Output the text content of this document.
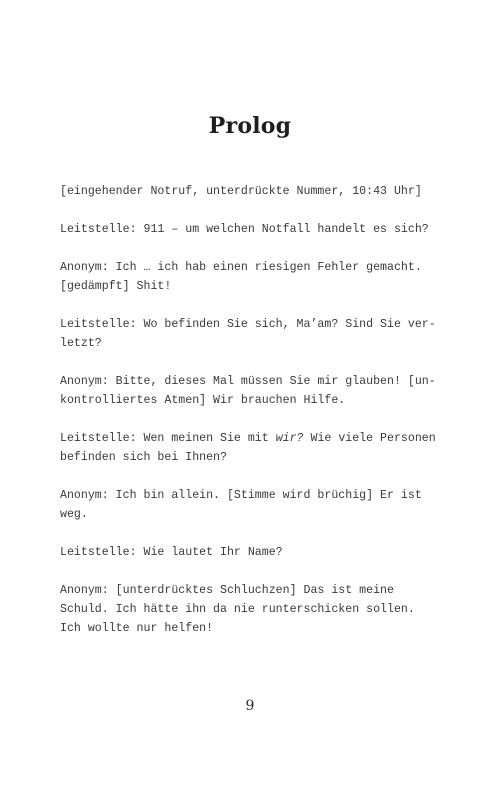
Prolog

[eingehender Notruf, unterdrückte Nummer, 10:43 Uhr]

Leitstelle: 911 – um welchen Notfall handelt es sich?

Anonym: Ich … ich hab einen riesigen Fehler gemacht.
[gedämpft] Shit!

Leitstelle: Wo befinden Sie sich, Ma’am? Sind Sie ver-
letzt?

Anonym: Bitte, dieses Mal müssen Sie mir glauben! [un-
kontrolliertes Atmen] Wir brauchen Hilfe.

Leitstelle: Wen meinen Sie mit wir? Wie viele Personen
befinden sich bei Ihnen?

Anonym: Ich bin allein. [Stimme wird brüchig] Er ist
weg.

Leitstelle: Wie lautet Ihr Name?

Anonym: [unterdrücktes Schluchzen] Das ist meine
Schuld. Ich hätte ihn da nie runterschicken sollen.
Ich wollte nur helfen!

9
